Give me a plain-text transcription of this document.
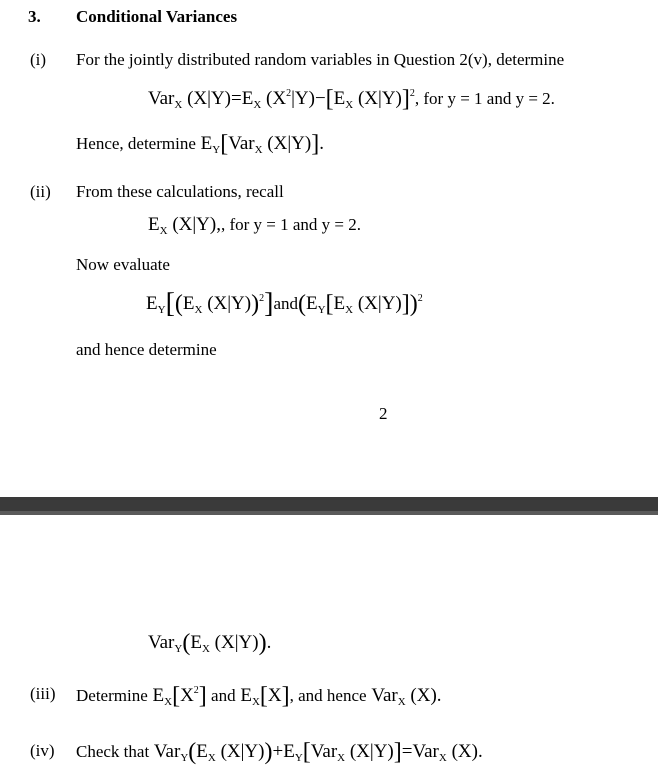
3. Conditional Variances
(i) For the jointly distributed random variables in Question 2(v), determine
Var$_X$ $(X|Y)=E_X$ $(X^2|Y)-[E_X$ (X|Y)]$^2$, for y = 1 and y = 2.
Hence, determine $E_Y[Var_X$ (X|Y)].
(ii) From these calculations, recall
$E_X$ (X|Y),, for y = 1 and y = 2.
Now evaluate
$E_Y[(E_X$ $(X|Y))^2]and(E_Y[E_X$ (X|Y)])$^2$
and hence determine
2
$Var_Y(E_X$ (X|Y)).
(iii) Determine $E_X[X^2]$ and $E_X[X]$, and hence Var$_X$ (X).
(iv) Check that $Var_Y(E_X$ $(X|Y))+E_Y[Var_X$ (X|Y)]=Var$_X$ (X).
